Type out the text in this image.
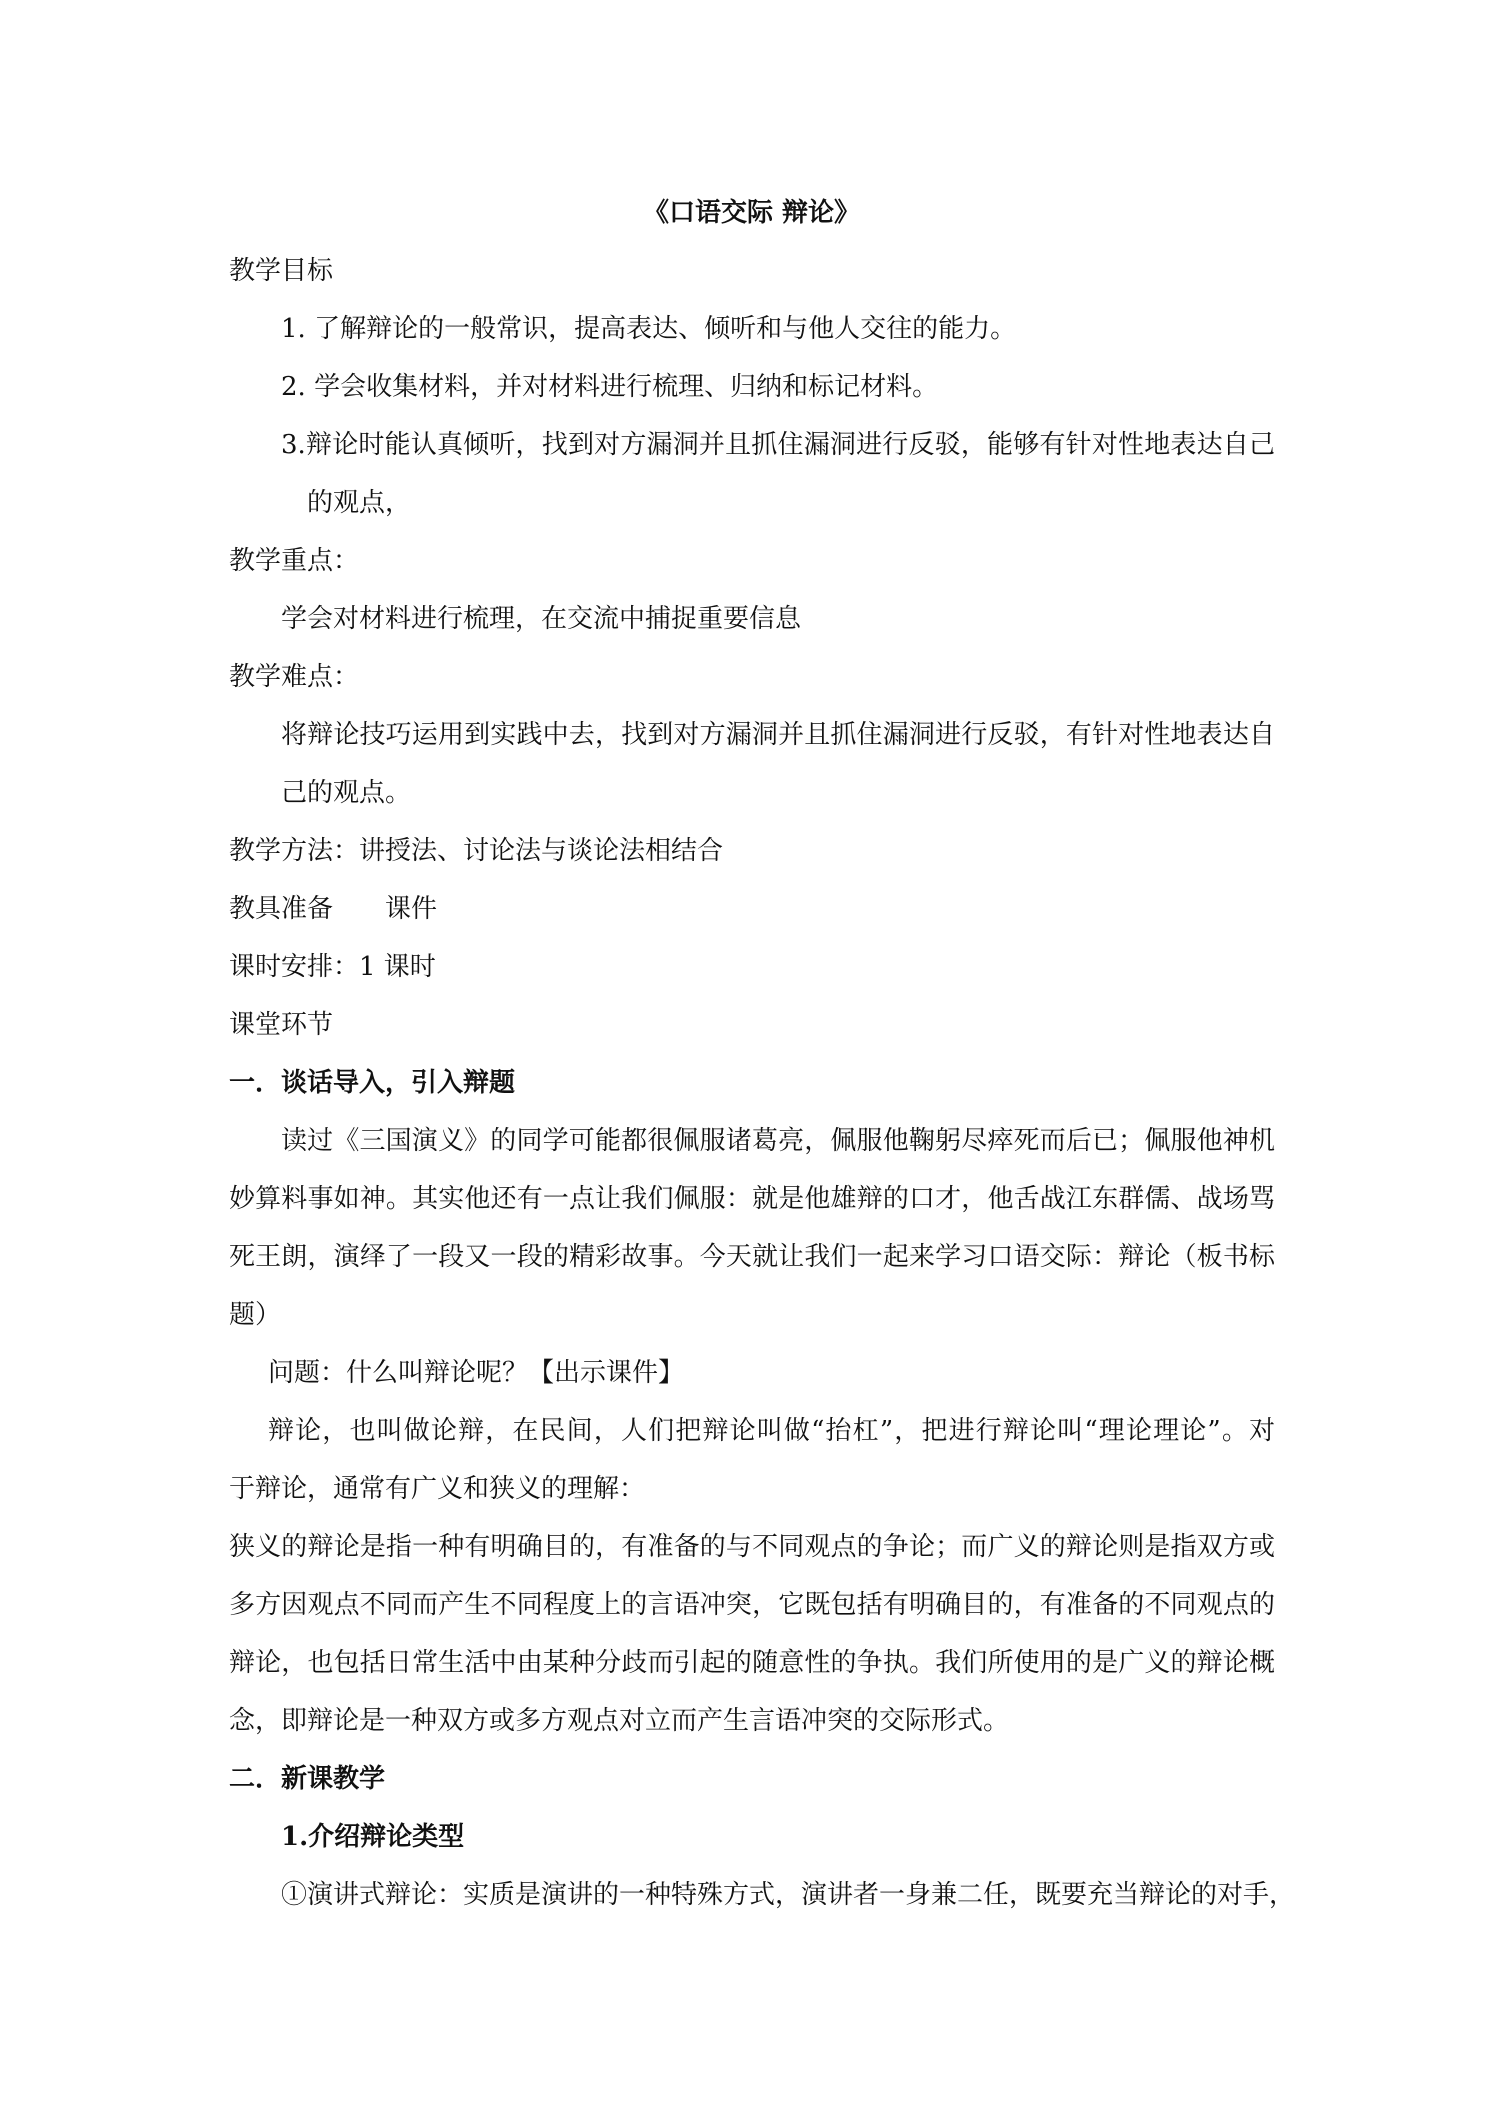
《口语交际 辩论》

教学目标

1. 了解辩论的一般常识，提高表达、倾听和与他人交往的能力。

2. 学会收集材料，并对材料进行梳理、归纳和标记材料。

3.辩论时能认真倾听，找到对方漏洞并且抓住漏洞进行反驳，能够有针对性地表达自己

的观点，

教学重点：

学会对材料进行梳理，在交流中捕捉重要信息

教学难点：

将辩论技巧运用到实践中去，找到对方漏洞并且抓住漏洞进行反驳，有针对性地表达自

己的观点。

教学方法：讲授法、讨论法与谈论法相结合

教具准备　　课件

课时安排：1 课时

课堂环节

一．谈话导入，引入辩题

读过《三国演义》的同学可能都很佩服诸葛亮，佩服他鞠躬尽瘁死而后已；佩服他神机

妙算料事如神。其实他还有一点让我们佩服：就是他雄辩的口才，他舌战江东群儒、战场骂

死王朗，演绎了一段又一段的精彩故事。今天就让我们一起来学习口语交际：辩论（板书标

题）

问题：什么叫辩论呢？【出示课件】

辩论，也叫做论辩，在民间，人们把辩论叫做“抬杠”，把进行辩论叫“理论理论”。对

于辩论，通常有广义和狭义的理解：

狭义的辩论是指一种有明确目的，有准备的与不同观点的争论；而广义的辩论则是指双方或

多方因观点不同而产生不同程度上的言语冲突，它既包括有明确目的，有准备的不同观点的

辩论，也包括日常生活中由某种分歧而引起的随意性的争执。我们所使用的是广义的辩论概

念，即辩论是一种双方或多方观点对立而产生言语冲突的交际形式。

二．新课教学

1.介绍辩论类型

①演讲式辩论：实质是演讲的一种特殊方式，演讲者一身兼二任，既要充当辩论的对手，
